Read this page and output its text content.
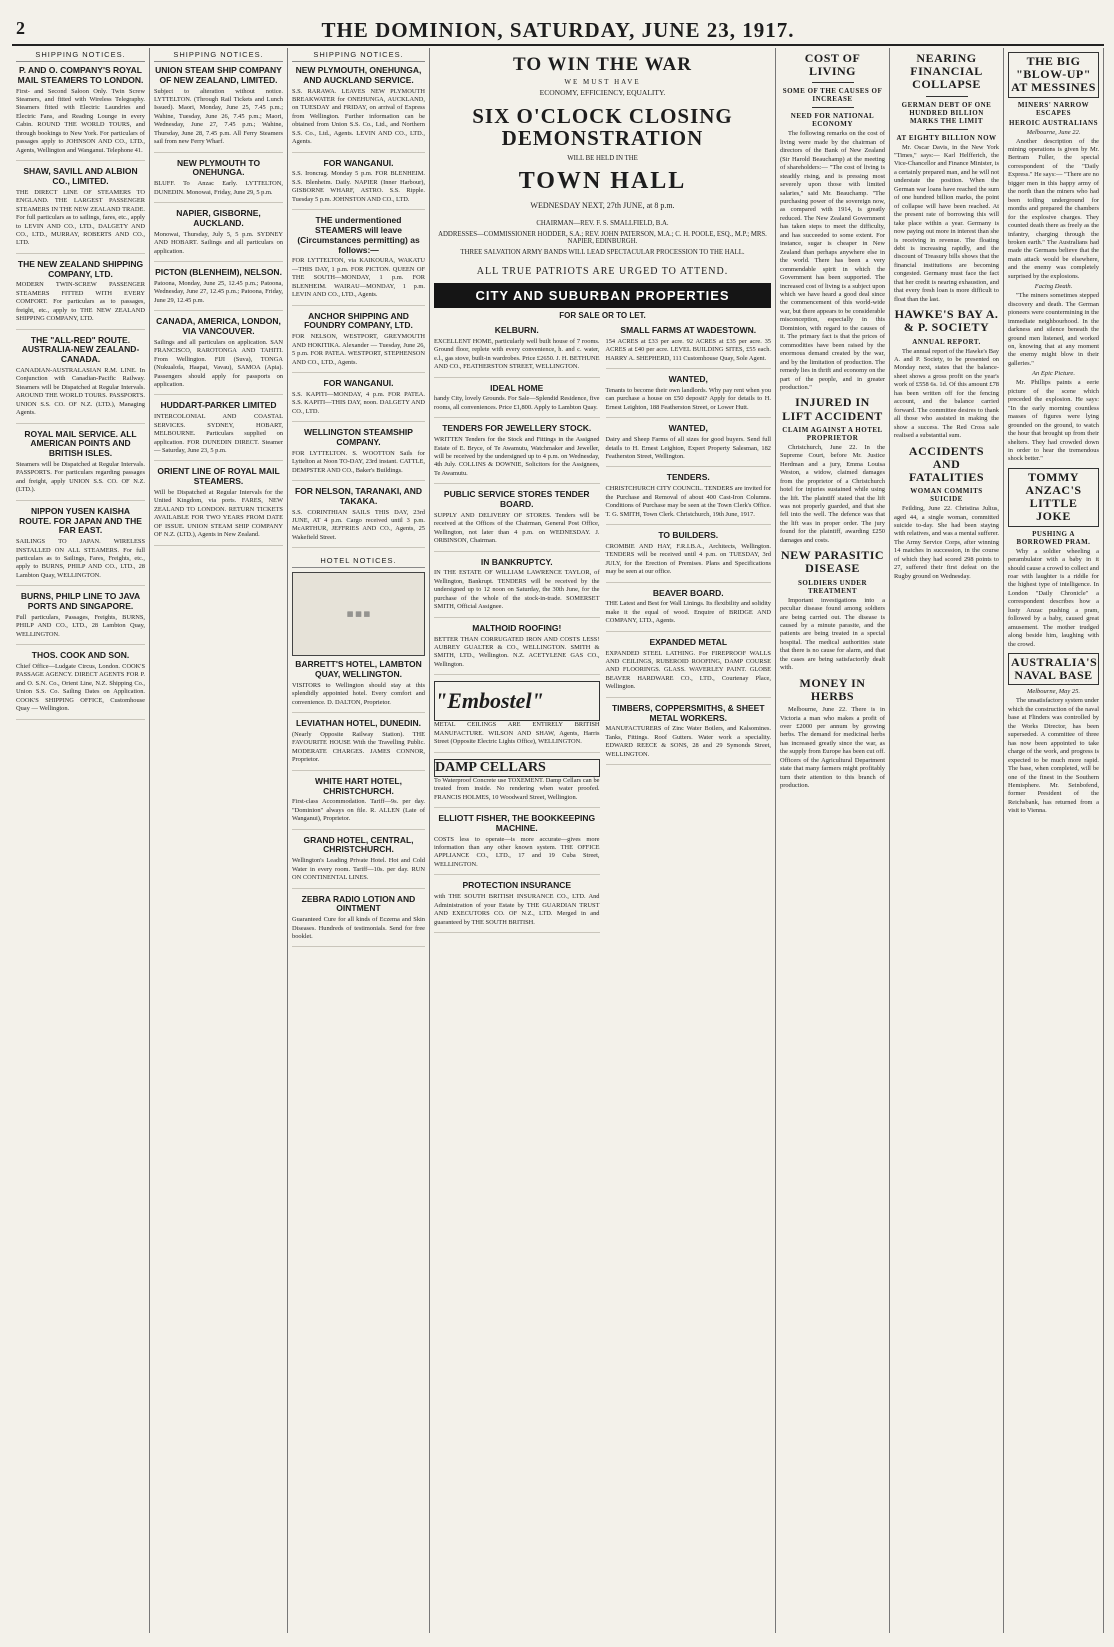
2	THE DOMINION, SATURDAY, JUNE 23, 1917.
SHIPPING NOTICES.
P. AND O. COMPANY'S ROYAL MAIL STEAMERS TO LONDON.

First- and Second Saloon Only. Twin Screw Steamers, and fitted with Wireless Telegraphy. Steamers fitted with Electric Laundries and Electric Fans, and Reading Lounge in every Cabin. ROUND THE WORLD TOURS, and through bookings to New York. For particulars of passages apply to JOHNSON AND CO., LTD., Agents, Wellington and Wanganui. Telephone 41.

SHAW, SAVILL AND ALBION CO., LIMITED.

THE DIRECT LINE OF STEAMERS TO ENGLAND. THE LARGEST PASSENGER STEAMERS IN THE NEW ZEALAND TRADE. For full particulars as to sailings, fares, etc., apply to LEVIN AND CO., LTD., DALGETY AND CO., LTD., MURRAY, ROBERTS AND CO., LTD.

THE NEW ZEALAND SHIPPING COMPANY, LTD.

MODERN TWIN-SCREW PASSENGER STEAMERS FITTED WITH EVERY COMFORT. For particulars as to passages, freight, etc., apply to THE NEW ZEALAND SHIPPING COMPANY, LTD.

THE "ALL-RED" ROUTE. AUSTRALIA-NEW ZEALAND-CANADA.

CANADIAN-AUSTRALASIAN R.M. LINE. In Conjunction with Canadian-Pacific Railway. Steamers will be Dispatched at Regular Intervals. AROUND THE WORLD TOURS. PASSPORTS. UNION S.S. CO. OF N.Z. (LTD.), Managing Agents.

ROYAL MAIL SERVICE. ALL AMERICAN POINTS AND BRITISH ISLES.

Steamers will be Dispatched at Regular Intervals. PASSPORTS. For particulars regarding passages and freight, apply UNION S.S. CO. OF N.Z. (LTD.).

NIPPON YUSEN KAISHA ROUTE. FOR JAPAN AND THE FAR EAST.

SAILINGS TO JAPAN. WIRELESS INSTALLED ON ALL STEAMERS. For full particulars as to Sailings, Fares, Freights, etc., apply to BURNS, PHILP AND CO., LTD., 28 Lambton Quay, WELLINGTON.

BURNS, PHILP LINE TO JAVA PORTS AND SINGAPORE.

Full particulars, Passages, Freights, BURNS, PHILP AND CO., LTD., 28 Lambton Quay, WELLINGTON.

THOS. COOK AND SON.

Chief Office—Ludgate Circus, London. COOK'S PASSAGE AGENCY. DIRECT AGENTS FOR P. and O. S.N. Co., Orient Line, N.Z. Shipping Co., Union S.S. Co. Sailing Dates on Application. COOK'S SHIPPING OFFICE, Customhouse Quay — Wellington.

SHIPPING NOTICES.
UNION STEAM SHIP COMPANY OF NEW ZEALAND, LIMITED.

Subject to alteration without notice. LYTTELTON. (Through Rail Tickets and Lunch Issued). Maori, Monday, June 25, 7.45 p.m.; Wahine, Tuesday, June 26, 7.45 p.m.; Maori, Wednesday, June 27, 7.45 p.m.; Wahine, Thursday, June 28, 7.45 p.m. All Ferry Steamers sail from new Ferry Wharf.

NEW PLYMOUTH TO ONEHUNGA.

BLUFF. To Anzac Early. LYTTELTON, DUNEDIN. Monowai, Friday, June 29, 5 p.m.

NAPIER, GISBORNE, AUCKLAND.

Monowai, Thursday, July 5, 5 p.m. SYDNEY AND HOBART. Sailings and all particulars on application.

PICTON (BLENHEIM), NELSON.

Patoona, Monday, June 25, 12.45 p.m.; Patoona, Wednesday, June 27, 12.45 p.m.; Patoona, Friday, June 29, 12.45 p.m.

CANADA, AMERICA, LONDON, VIA VANCOUVER.

Sailings and all particulars on application. SAN FRANCISCO, RAROTONGA AND TAHITI. From Wellington. FIJI (Suva), TONGA (Nukualofa, Haapai, Vavau), SAMOA (Apia). Passengers should apply for passports on application.

HUDDART-PARKER LIMITED

INTERCOLONIAL AND COASTAL SERVICES. SYDNEY, HOBART, MELBOURNE. Particulars supplied on application. FOR DUNEDIN DIRECT. Steamer — Saturday, June 23, 5 p.m.

ORIENT LINE OF ROYAL MAIL STEAMERS.

Will be Dispatched at Regular Intervals for the United Kingdom, via ports. FARES, NEW ZEALAND TO LONDON. RETURN TICKETS AVAILABLE FOR TWO YEARS FROM DATE OF ISSUE. UNION STEAM SHIP COMPANY OF N.Z. (LTD.), Agents in New Zealand.

SHIPPING NOTICES.
NEW PLYMOUTH, ONEHUNGA, AND AUCKLAND SERVICE.

S.S. RARAWA. LEAVES NEW PLYMOUTH BREAKWATER for ONEHUNGA, AUCKLAND, on TUESDAY and FRIDAY, on arrival of Express from Wellington. Further information can be obtained from Union S.S. Co., Ltd., and Northern S.S. Co., Ltd., Agents. LEVIN AND CO., LTD., Agents.

FOR WANGANUI.

S.S. Ironcrag. Monday 5 p.m. FOR BLENHEIM. S.S. Blenheim. Daily. NAPIER (Inner Harbour), GISBORNE WHARF, ASTRO. S.S. Ripple. Tuesday 5 p.m. JOHNSTON AND CO., LTD.

THE undermentioned STEAMERS will leave (Circumstances permitting) as follows:—

FOR LYTTELTON, via KAIKOURA, WAKATU—THIS DAY, 1 p.m. FOR PICTON. QUEEN OF THE SOUTH—MONDAY, 1 p.m. FOR BLENHEIM. WAIRAU—MONDAY, 1 p.m. LEVIN AND CO., LTD., Agents.

ANCHOR SHIPPING AND FOUNDRY COMPANY, LTD.

FOR NELSON, WESTPORT, GREYMOUTH AND HOKITIKA. Alexander — Tuesday, June 26, 5 p.m. FOR PATEA. WESTPORT, STEPHENSON AND CO., LTD., Agents.

FOR WANGANUI.

S.S. KAPITI—MONDAY, 4 p.m. FOR PATEA. S.S. KAPITI—THIS DAY, noon. DALGETY AND CO., LTD.

WELLINGTON STEAMSHIP COMPANY.

FOR LYTTELTON. S. WOOTTON Sails for Lyttelton at Noon TO-DAY, 23rd instant. CATTLE, DEMPSTER AND CO., Baker's Buildings.

FOR NELSON, TARANAKI, AND TAKAKA.

S.S. CORINTHIAN SAILS THIS DAY, 23rd JUNE, AT 4 p.m. Cargo received until 3 p.m. McARTHUR, JEFFRIES AND CO., Agents, 25 Wakefield Street.

HOTEL NOTICES.
▦ ▦ ▦
BARRETT'S HOTEL, LAMBTON QUAY, WELLINGTON.

VISITORS to Wellington should stay at this splendidly appointed hotel. Every comfort and convenience. D. DALTON, Proprietor.

LEVIATHAN HOTEL, DUNEDIN.

(Nearly Opposite Railway Station). THE FAVOURITE HOUSE With the Travelling Public. MODERATE CHARGES. JAMES CONNOR, Proprietor.

WHITE HART HOTEL, CHRISTCHURCH.

First-class Accommodation. Tariff—9s. per day. "Dominion" always on file. R. ALLEN (Late of Wanganui), Proprietor.

GRAND HOTEL, CENTRAL, CHRISTCHURCH.

Wellington's Leading Private Hotel. Hot and Cold Water in every room. Tariff—10s. per day. RUN ON CONTINENTAL LINES.

ZEBRA RADIO LOTION AND OINTMENT

Guaranteed Cure for all kinds of Eczema and Skin Diseases. Hundreds of testimonials. Send for free booklet.

TO WIN THE WAR
WE MUST HAVE
ECONOMY, EFFICIENCY, EQUALITY.
SIX O'CLOCK CLOSING DEMONSTRATION
WILL BE HELD IN THE
TOWN HALL
WEDNESDAY NEXT, 27th JUNE, at 8 p.m.
CHAIRMAN—REV. F. S. SMALLFIELD, B.A.
ADDRESSES—COMMISSIONER HODDER, S.A.; REV. JOHN PATERSON, M.A.; C. H. POOLE, ESQ., M.P.; MRS. NAPIER, EDINBURGH.
THREE SALVATION ARMY BANDS WILL LEAD SPECTACULAR PROCESSION TO THE HALL.
ALL TRUE PATRIOTS ARE URGED TO ATTEND.
CITY AND SUBURBAN PROPERTIES
FOR SALE OR TO LET.
KELBURN.

EXCELLENT HOME, particularly well built house of 7 rooms. Ground floor, replete with every convenience, h. and c. water, e.l., gas stove, built-in wardrobes. Price £2650. J. H. BETHUNE AND CO., FEATHERSTON STREET, WELLINGTON.

IDEAL HOME

handy City, lovely Grounds. For Sale—Splendid Residence, five rooms, all conveniences. Price £1,800. Apply to Lambton Quay.

TENDERS FOR JEWELLERY STOCK.

WRITTEN Tenders for the Stock and Fittings in the Assigned Estate of E. Bryce, of Te Awamutu, Watchmaker and Jeweller, will be received by the undersigned up to 4 p.m. on Wednesday, 4th July. COLLINS & DOWNIE, Solicitors for the Assignees, Te Awamutu.

PUBLIC SERVICE STORES TENDER BOARD.

SUPPLY AND DELIVERY OF STORES. Tenders will be received at the Offices of the Chairman, General Post Office, Wellington, not later than 4 p.m. on WEDNESDAY. J. ORBINSON, Chairman.

IN BANKRUPTCY.

IN THE ESTATE OF WILLIAM LAWRENCE TAYLOR, of Wellington, Bankrupt. TENDERS will be received by the undersigned up to 12 noon on Saturday, the 30th June, for the purchase of the whole of the stock-in-trade. SOMERSET SMITH, Official Assignee.

MALTHOID ROOFING!

BETTER THAN CORRUGATED IRON AND COSTS LESS! AUBREY GUALTER & CO., WELLINGTON. SMITH & SMITH, LTD., Wellington. N.Z. ACETYLENE GAS CO., Wellington.

"Embostel"

METAL CEILINGS ARE ENTIRELY BRITISH MANUFACTURE. WILSON AND SHAW, Agents, Harris Street (Opposite Electric Lights Office), WELLINGTON.

DAMP CELLARS

To Waterproof Concrete use TOXEMENT. Damp Cellars can be treated from inside. No rendering when water proofed. FRANCIS HOLMES, 10 Woodward Street, Wellington.

ELLIOTT FISHER, THE BOOKKEEPING MACHINE.

COSTS less to operate—is more accurate—gives more information than any other known system. THE OFFICE APPLIANCE CO., LTD., 17 and 19 Cuba Street, WELLINGTON.

PROTECTION INSURANCE

with THE SOUTH BRITISH INSURANCE CO., LTD. And Administration of your Estate by THE GUARDIAN TRUST AND EXECUTORS CO. OF N.Z., LTD. Merged in and guaranteed by THE SOUTH BRITISH.

SMALL FARMS AT WADESTOWN.

154 ACRES at £33 per acre. 92 ACRES at £35 per acre. 35 ACRES at £40 per acre. LEVEL BUILDING SITES, £55 each. HARRY A. SHEPHERD, 111 Customhouse Quay, Sole Agent.

WANTED,

Tenants to become their own landlords. Why pay rent when you can purchase a house on £50 deposit? Apply for details to H. Ernest Leighton, 188 Featherston Street, or Lower Hutt.

WANTED,

Dairy and Sheep Farms of all sizes for good buyers. Send full details to H. Ernest Leighton, Expert Property Salesman, 182 Featherston Street, Wellington.

TENDERS.

CHRISTCHURCH CITY COUNCIL. TENDERS are invited for the Purchase and Removal of about 400 Cast-Iron Columns. Conditions of Purchase may be seen at the Town Clerk's Office. T. G. SMITH, Town Clerk. Christchurch, 19th June, 1917.

TO BUILDERS.

CROMBIE AND HAY, F.R.I.B.A., Architects, Wellington. TENDERS will be received until 4 p.m. on TUESDAY, 3rd JULY, for the Erection of Premises. Plans and Specifications may be seen at our office.

BEAVER BOARD.

THE Latest and Best for Wall Linings. Its flexibility and solidity make it the equal of wood. Enquire of BRIDGE AND COMPANY, LTD., Agents.

EXPANDED METAL

EXPANDED STEEL LATHING. For FIREPROOF WALLS AND CEILINGS, RUBEROID ROOFING, DAMP COURSE AND FLOORINGS. GLASS. WAVERLEY PAINT. GLOBE BEAVER HARDWARE CO., LTD., Courtenay Place, Wellington.

TIMBERS, COPPERSMITHS, & SHEET METAL WORKERS.

MANUFACTURERS of Zinc Water Boilers, and Kalsomines. Tanks, Fittings. Roof Gutters. Water work a speciality. EDWARD REECE & SONS, 28 and 29 Symonds Street, WELLINGTON.

COST OF LIVING
SOME OF THE CAUSES OF INCREASE
NEED FOR NATIONAL ECONOMY

The following remarks on the cost of living were made by the chairman of directors of the Bank of New Zealand (Sir Harold Beauchamp) at the meeting of shareholders:— "The cost of living is steadily rising, and is pressing most severely upon those with limited salaries," said Mr. Beauchamp. "The purchasing power of the sovereign now, as compared with 1914, is greatly reduced. The New Zealand Government has taken steps to meet the difficulty, and has succeeded to some extent. For instance, sugar is cheaper in New Zealand than perhaps anywhere else in the world. There has been a very commendable spirit in which the Government has been supported. The increased cost of living is a subject upon which we have heard a good deal since the commencement of this world-wide war, but there appears to be considerable misconception, especially in this Dominion, with regard to the causes of it. The primary fact is that the prices of commodities have been raised by the enormous demand created by the war, and by the limitation of production. The remedy lies in thrift and economy on the part of the people, and in greater production."

INJURED IN LIFT ACCIDENT
CLAIM AGAINST A HOTEL PROPRIETOR

Christchurch, June 22. In the Supreme Court, before Mr. Justice Herdman and a jury, Emma Louisa Weston, a widow, claimed damages from the proprietor of a Christchurch hotel for injuries sustained while using the lift. The plaintiff stated that the lift was not properly guarded, and that she fell into the well. The defence was that the lift was in proper order. The jury found for the plaintiff, awarding £250 damages and costs.

NEW PARASITIC DISEASE
SOLDIERS UNDER TREATMENT

Important investigations into a peculiar disease found among soldiers are being carried out. The disease is caused by a minute parasite, and the patients are being treated in a special hospital. The medical authorities state that there is no cause for alarm, and that the cases are being satisfactorily dealt with.

MONEY IN HERBS

Melbourne, June 22. There is in Victoria a man who makes a profit of over £2000 per annum by growing herbs. The demand for medicinal herbs has increased greatly since the war, as the supply from Europe has been cut off. Officers of the Agricultural Department state that many farmers might profitably turn their attention to this branch of production.

NEARING FINANCIAL COLLAPSE
GERMAN DEBT OF ONE HUNDRED BILLION MARKS THE LIMIT
AT EIGHTY BILLION NOW

Mr. Oscar Davis, in the New York "Times," says:— Karl Helfferich, the Vice-Chancellor and Finance Minister, is a certainly prepared man, and he will not understate the position. When the German war loans have reached the sum of one hundred billion marks, the point of collapse will have been reached. At the present rate of borrowing this will take place within a year. Germany is now paying out more in interest than she is receiving in revenue. The floating debt is increasing rapidly, and the discount of Treasury bills shows that the financial institutions are becoming congested. Germany must face the fact that her credit is nearing exhaustion, and that every fresh loan is more difficult to float than the last.

HAWKE'S BAY A. & P. SOCIETY
ANNUAL REPORT.

The annual report of the Hawke's Bay A. and P. Society, to be presented on Monday next, states that the balance-sheet shows a gross profit on the year's work of £558 6s. 1d. Of this amount £78 has been written off for the fencing account, and the balance carried forward. The committee desires to thank all those who assisted in making the show a success. The Red Cross sale realised a substantial sum.

ACCIDENTS AND FATALITIES
WOMAN COMMITS SUICIDE

Feilding, June 22. Christina Julius, aged 44, a single woman, committed suicide to-day. She had been staying with relatives, and was a mental sufferer. The Army Service Corps, after winning 14 matches in succession, in the course of which they had scored 298 points to 27, suffered their first defeat on the Rugby ground on Wednesday.

THE BIG "BLOW-UP" AT MESSINES
MINERS' NARROW ESCAPES
HEROIC AUSTRALIANS
Melbourne, June 22.

Another description of the mining operations is given by Mr. Bertram Fuller, the special correspondent of the "Daily Express." He says:— "There are no bigger men in this happy army of the north than the miners who had been toiling underground for months and prepared the chambers for the explosive charges. They counted death there as freely as the infantry, charging through the broken earth." The Australians had made the Germans believe that the main attack would be elsewhere, and the enemy was completely surprised by the explosions.

Facing Death.

"The miners sometimes stepped discovery and death. The German pioneers were countermining in the immediate neighbourhood. In the darkness and silence beneath the ground men listened, and worked on, knowing that at any moment the enemy might blow in their galleries."

An Epic Picture.

Mr. Phillips paints a eerie picture of the scene which preceded the explosion. He says: "In the early morning countless masses of figures were lying grounded on the ground, to watch the hour that brought up from their shelters. They had crowded down in order to hear the tremendous shock better."

TOMMY ANZAC'S LITTLE JOKE
PUSHING A BORROWED PRAM.

Why a soldier wheeling a perambulator with a baby in it should cause a crowd to collect and roar with laughter is a riddle for the highest type of intelligence. In London "Daily Chronicle" a correspondent describes how a lusty Anzac pushing a pram, followed by a baby, caused great amusement. The mother trudged along beside him, laughing with the crowd.

AUSTRALIA'S NAVAL BASE
Melbourne, May 25.

The unsatisfactory system under which the construction of the naval base at Flinders was controlled by the Works Director, has been superseded. A committee of three has now been appointed to take charge of the work, and progress is expected to be much more rapid. The base, when completed, will be one of the finest in the Southern Hemisphere. Mr. Seinbofend, former President of the Reichsbank, has returned from a visit to Vienna.
